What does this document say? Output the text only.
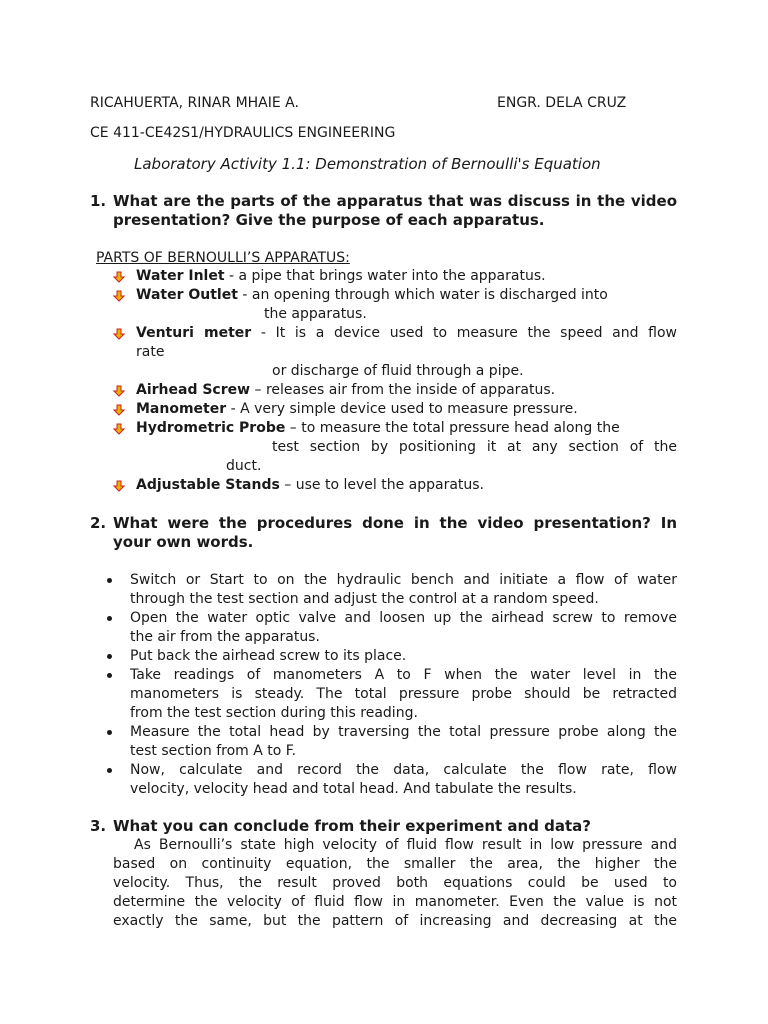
RICAHUERTA, RINAR MHAIE A.	ENGR. DELA CRUZ
CE 411-CE42S1/HYDRAULICS ENGINEERING
Laboratory Activity 1.1: Demonstration of Bernoulli's Equation
1. What are the parts of the apparatus that was discuss in the video
presentation? Give the purpose of each apparatus.
PARTS OF BERNOULLI’S APPARATUS:
Water Inlet - a pipe that brings water into the apparatus.
Water Outlet - an opening through which water is discharged into
the apparatus.
Venturi meter - It is a device used to measure the speed and flow
rate
or discharge of fluid through a pipe.
Airhead Screw – releases air from the inside of apparatus.
Manometer - A very simple device used to measure pressure.
Hydrometric Probe – to measure the total pressure head along the
test section by positioning it at any section of the
duct.
Adjustable Stands – use to level the apparatus.
2. What were the procedures done in the video presentation? In
your own words.
Switch or Start to on the hydraulic bench and initiate a flow of water
through the test section and adjust the control at a random speed.
Open the water optic valve and loosen up the airhead screw to remove
the air from the apparatus.
Put back the airhead screw to its place.
Take readings of manometers A to F when the water level in the
manometers is steady. The total pressure probe should be retracted
from the test section during this reading.
Measure the total head by traversing the total pressure probe along the
test section from A to F.
Now, calculate and record the data, calculate the flow rate, flow
velocity, velocity head and total head. And tabulate the results.
3. What you can conclude from their experiment and data?
As Bernoulli’s state high velocity of fluid flow result in low pressure and
based on continuity equation, the smaller the area, the higher the
velocity. Thus, the result proved both equations could be used to
determine the velocity of fluid flow in manometer. Even the value is not
exactly the same, but the pattern of increasing and decreasing at the
